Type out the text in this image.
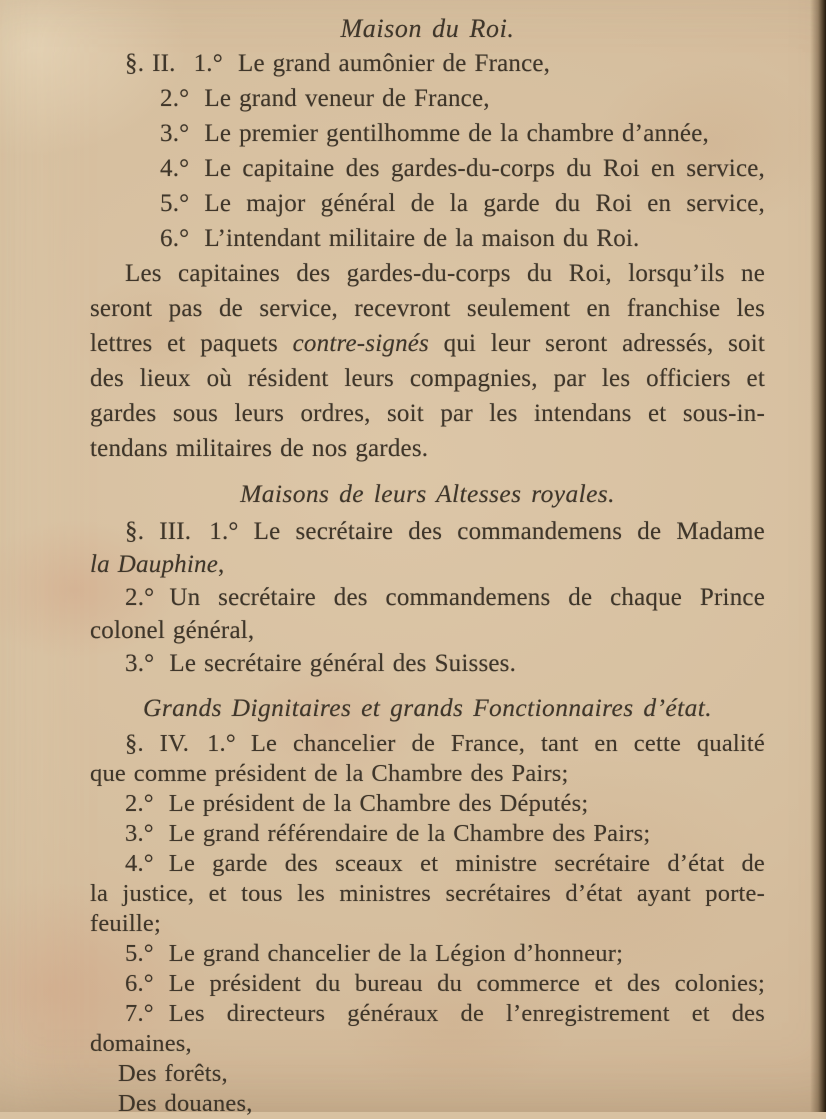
Maison du Roi.
§. II. 1.° Le grand aumônier de France,
2.° Le grand veneur de France,
3.° Le premier gentilhomme de la chambre d’année,
4.° Le capitaine des gardes-du-corps du Roi en service,
5.° Le major général de la garde du Roi en service,
6.° L’intendant militaire de la maison du Roi.
Les capitaines des gardes-du-corps du Roi, lorsqu’ils ne
seront pas de service, recevront seulement en franchise les
lettres et paquets contre-signés qui leur seront adressés, soit
des lieux où résident leurs compagnies, par les officiers et
gardes sous leurs ordres, soit par les intendans et sous-in-
tendans militaires de nos gardes.
Maisons de leurs Altesses royales.
§. III. 1.° Le secrétaire des commandemens de Madame
la Dauphine,
2.° Un secrétaire des commandemens de chaque Prince
colonel général,
3.° Le secrétaire général des Suisses.
Grands Dignitaires et grands Fonctionnaires d’état.
§. IV. 1.° Le chancelier de France, tant en cette qualité
que comme président de la Chambre des Pairs;
2.° Le président de la Chambre des Députés;
3.° Le grand référendaire de la Chambre des Pairs;
4.° Le garde des sceaux et ministre secrétaire d’état de
la justice, et tous les ministres secrétaires d’état ayant porte-
feuille;
5.° Le grand chancelier de la Légion d’honneur;
6.° Le président du bureau du commerce et des colonies;
7.° Les directeurs généraux de l’enregistrement et des
domaines,
Des forêts,
Des douanes,
